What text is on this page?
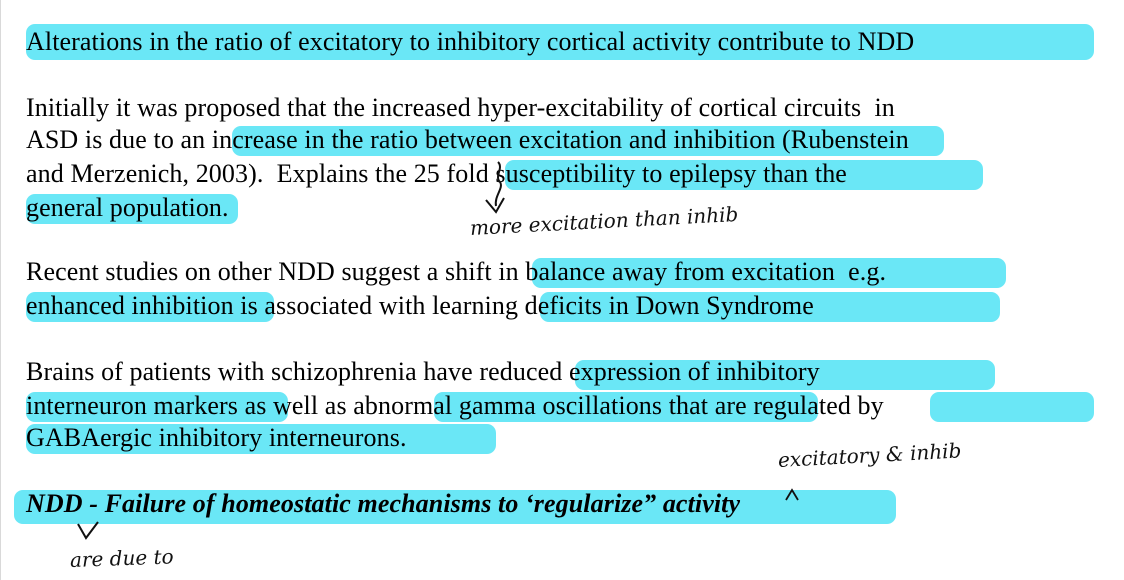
Alterations in the ratio of excitatory to inhibitory cortical activity contribute to NDD
Initially it was proposed that the increased hyper-excitability of cortical circuits  in
ASD is due to an increase in the ratio between excitation and inhibition (Rubenstein
and Merzenich, 2003).  Explains the 25 fold susceptibility to epilepsy than the
general population.
Recent studies on other NDD suggest a shift in balance away from excitation  e.g.
enhanced inhibition is associated with learning deficits in Down Syndrome
Brains of patients with schizophrenia have reduced expression of inhibitory
interneuron markers as well as abnormal gamma oscillations that are regulated by
GABAergic inhibitory interneurons.
NDD - Failure of homeostatic mechanisms to ‘regularize” activity
more excitation than inhib
excitatory & inhib
are due to
